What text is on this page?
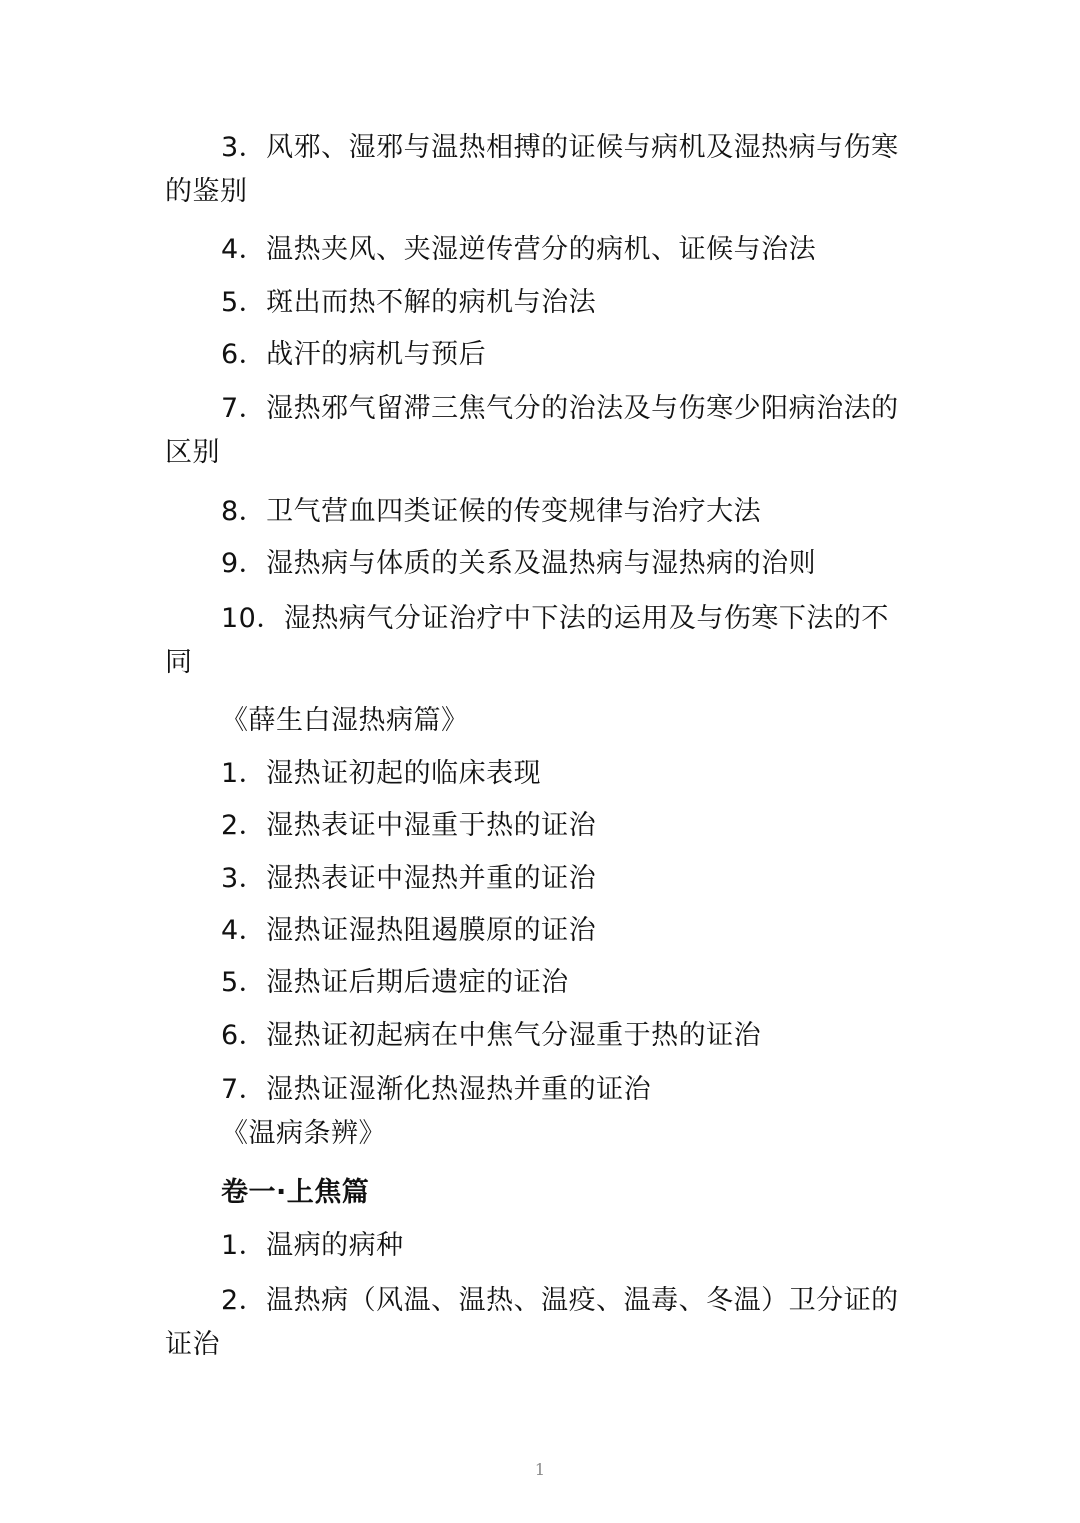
3．风邪、湿邪与温热相搏的证候与病机及湿热病与伤寒的鉴别
4．温热夹风、夹湿逆传营分的病机、证候与治法
5．斑出而热不解的病机与治法
6．战汗的病机与预后
7．湿热邪气留滞三焦气分的治法及与伤寒少阳病治法的区别
8．卫气营血四类证候的传变规律与治疗大法
9．湿热病与体质的关系及温热病与湿热病的治则
10．湿热病气分证治疗中下法的运用及与伤寒下法的不同
《薛生白湿热病篇》
1．湿热证初起的临床表现
2．湿热表证中湿重于热的证治
3．湿热表证中湿热并重的证治
4．湿热证湿热阻遏膜原的证治
5．湿热证后期后遗症的证治
6．湿热证初起病在中焦气分湿重于热的证治
7．湿热证湿渐化热湿热并重的证治
《温病条辨》
卷一·上焦篇
1．温病的病种
2．温热病（风温、温热、温疫、温毒、冬温）卫分证的证治
1
